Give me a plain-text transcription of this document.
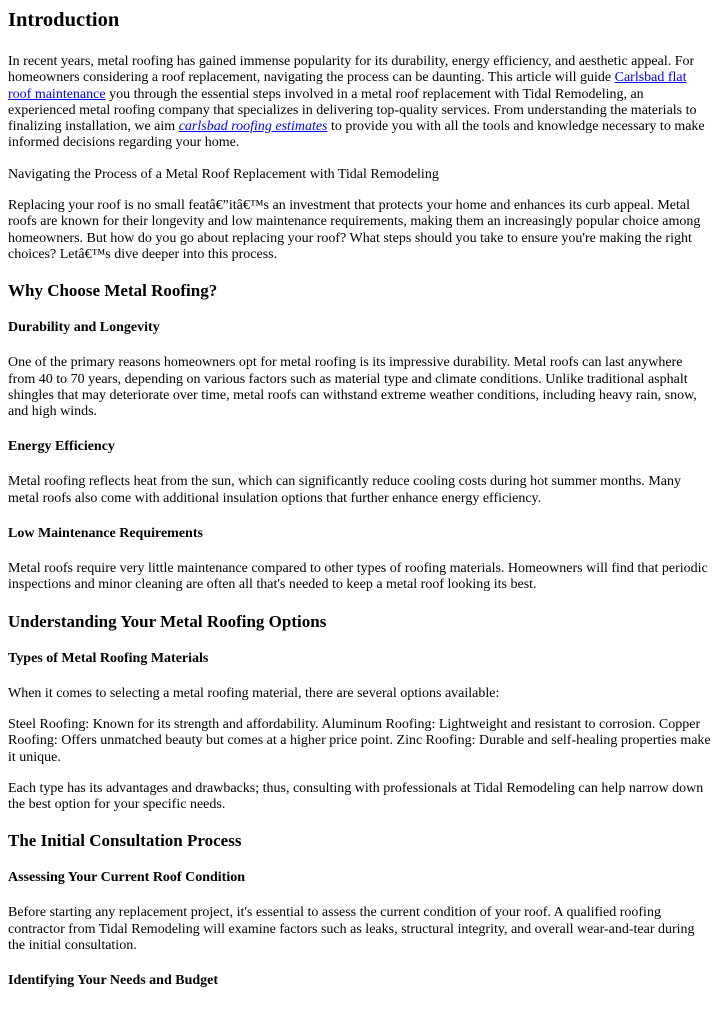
Introduction

In recent years, metal roofing has gained immense popularity for its durability, energy efficiency, and aesthetic appeal. For homeowners considering a roof replacement, navigating the process can be daunting. This article will guide Carlsbad flat roof maintenance you through the essential steps involved in a metal roof replacement with Tidal Remodeling, an experienced metal roofing company that specializes in delivering top-quality services. From understanding the materials to finalizing installation, we aim carlsbad roofing estimates to provide you with all the tools and knowledge necessary to make informed decisions regarding your home.

Navigating the Process of a Metal Roof Replacement with Tidal Remodeling

Replacing your roof is no small featâ€”itâ€™s an investment that protects your home and enhances its curb appeal. Metal roofs are known for their longevity and low maintenance requirements, making them an increasingly popular choice among homeowners. But how do you go about replacing your roof? What steps should you take to ensure you're making the right choices? Letâ€™s dive deeper into this process.

Why Choose Metal Roofing?
Durability and Longevity

One of the primary reasons homeowners opt for metal roofing is its impressive durability. Metal roofs can last anywhere from 40 to 70 years, depending on various factors such as material type and climate conditions. Unlike traditional asphalt shingles that may deteriorate over time, metal roofs can withstand extreme weather conditions, including heavy rain, snow, and high winds.

Energy Efficiency

Metal roofing reflects heat from the sun, which can significantly reduce cooling costs during hot summer months. Many metal roofs also come with additional insulation options that further enhance energy efficiency.

Low Maintenance Requirements

Metal roofs require very little maintenance compared to other types of roofing materials. Homeowners will find that periodic inspections and minor cleaning are often all that's needed to keep a metal roof looking its best.

Understanding Your Metal Roofing Options
Types of Metal Roofing Materials

When it comes to selecting a metal roofing material, there are several options available:

Steel Roofing: Known for its strength and affordability. Aluminum Roofing: Lightweight and resistant to corrosion. Copper Roofing: Offers unmatched beauty but comes at a higher price point. Zinc Roofing: Durable and self-healing properties make it unique.

Each type has its advantages and drawbacks; thus, consulting with professionals at Tidal Remodeling can help narrow down the best option for your specific needs.

The Initial Consultation Process
Assessing Your Current Roof Condition

Before starting any replacement project, it's essential to assess the current condition of your roof. A qualified roofing contractor from Tidal Remodeling will examine factors such as leaks, structural integrity, and overall wear-and-tear during the initial consultation.

Identifying Your Needs and Budget
